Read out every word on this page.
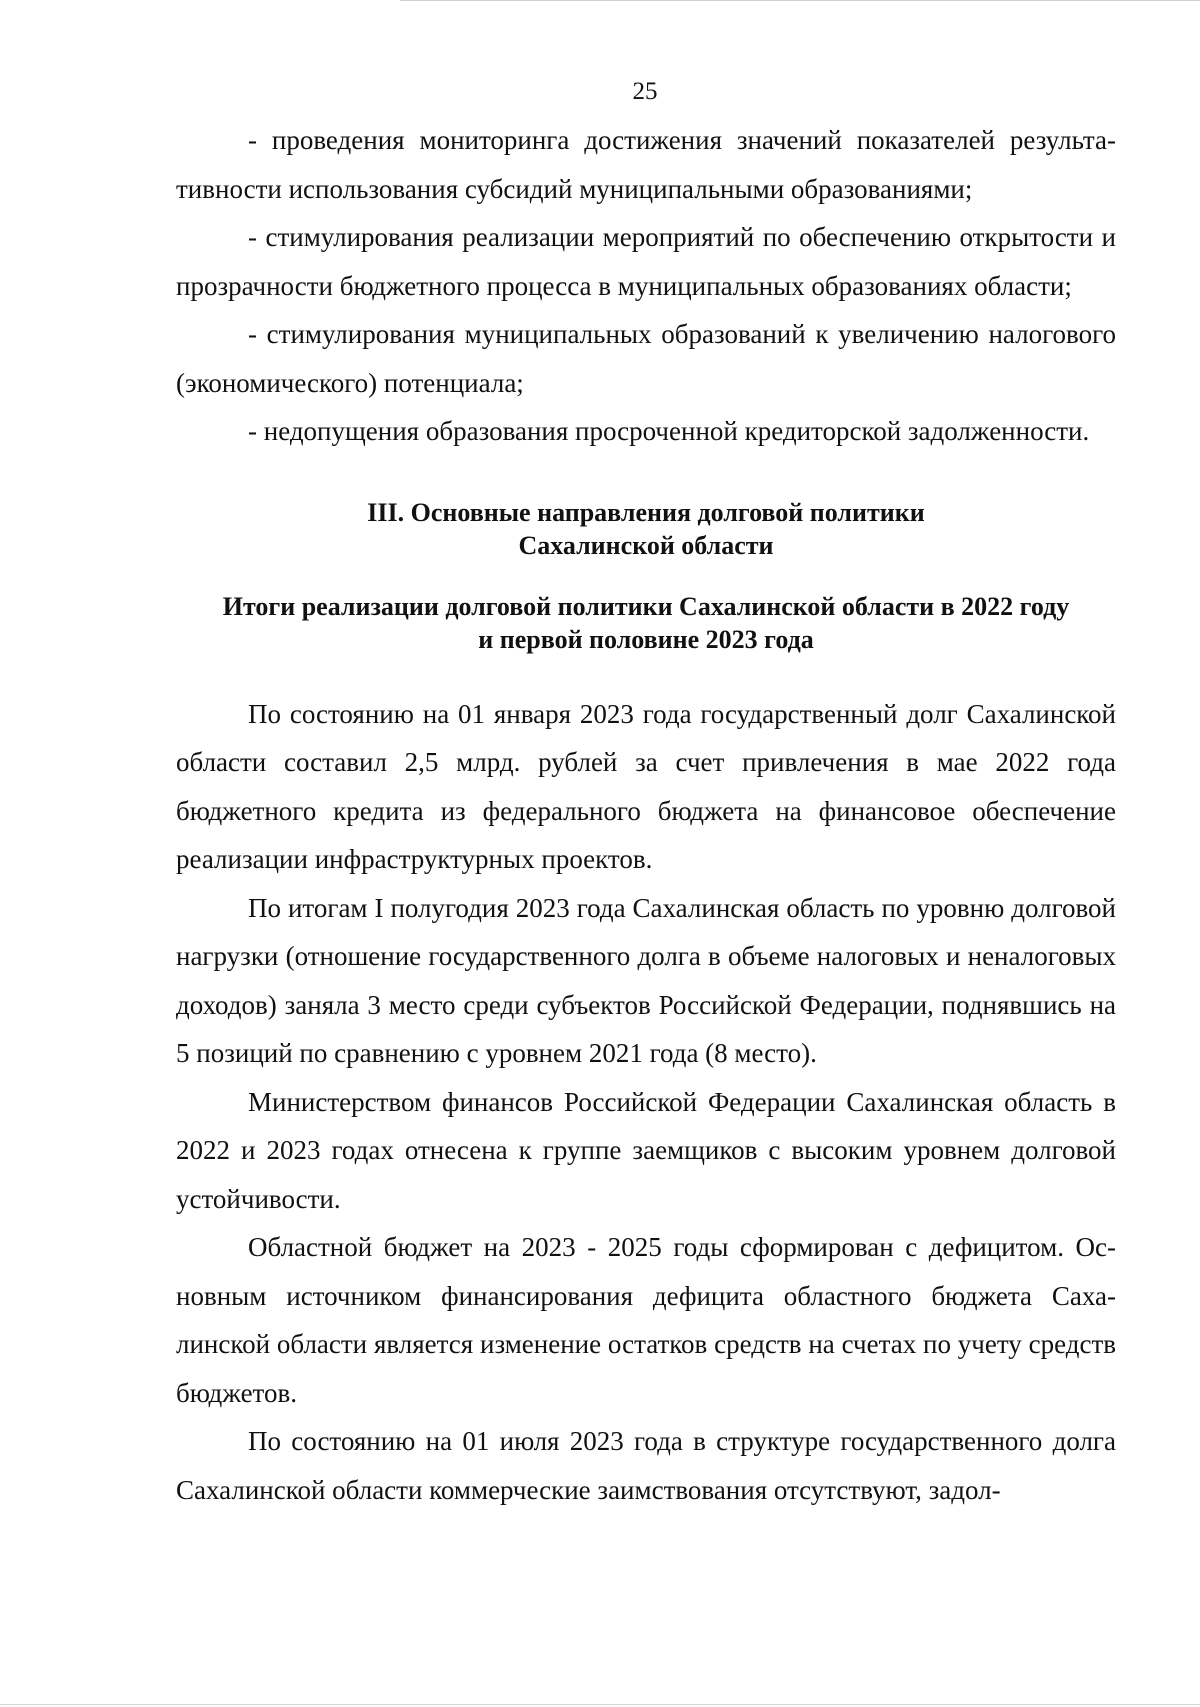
25

- проведения мониторинга достижения значений показателей результативности использования субсидий муниципальными образованиями;

- стимулирования реализации мероприятий по обеспечению открытости и прозрачности бюджетного процесса в муниципальных образованиях области;

- стимулирования муниципальных образований к увеличению налогового (экономического) потенциала;

- недопущения образования просроченной кредиторской задолженности.

III. Основные направления долговой политики
Сахалинской области
Итоги реализации долговой политики Сахалинской области в 2022 году
и первой половине 2023 года

По состоянию на 01 января 2023 года государственный долг Сахалинской области составил 2,5 млрд. рублей за счет привлечения в мае 2022 года бюджетного кредита из федерального бюджета на финансовое обеспечение реализации инфраструктурных проектов.

По итогам I полугодия 2023 года Сахалинская область по уровню долговой нагрузки (отношение государственного долга в объеме налоговых и неналоговых доходов) заняла 3 место среди субъектов Российской Федерации, поднявшись на 5 позиций по сравнению с уровнем 2021 года (8 место).

Министерством финансов Российской Федерации Сахалинская область в 2022 и 2023 годах отнесена к группе заемщиков с высоким уровнем долговой устойчивости.

Областной бюджет на 2023 - 2025 годы сформирован с дефицитом. Основным источником финансирования дефицита областного бюджета Сахалинской области является изменение остатков средств на счетах по учету средств бюджетов.

По состоянию на 01 июля 2023 года в структуре государственного долга Сахалинской области коммерческие заимствования отсутствуют, задол-
